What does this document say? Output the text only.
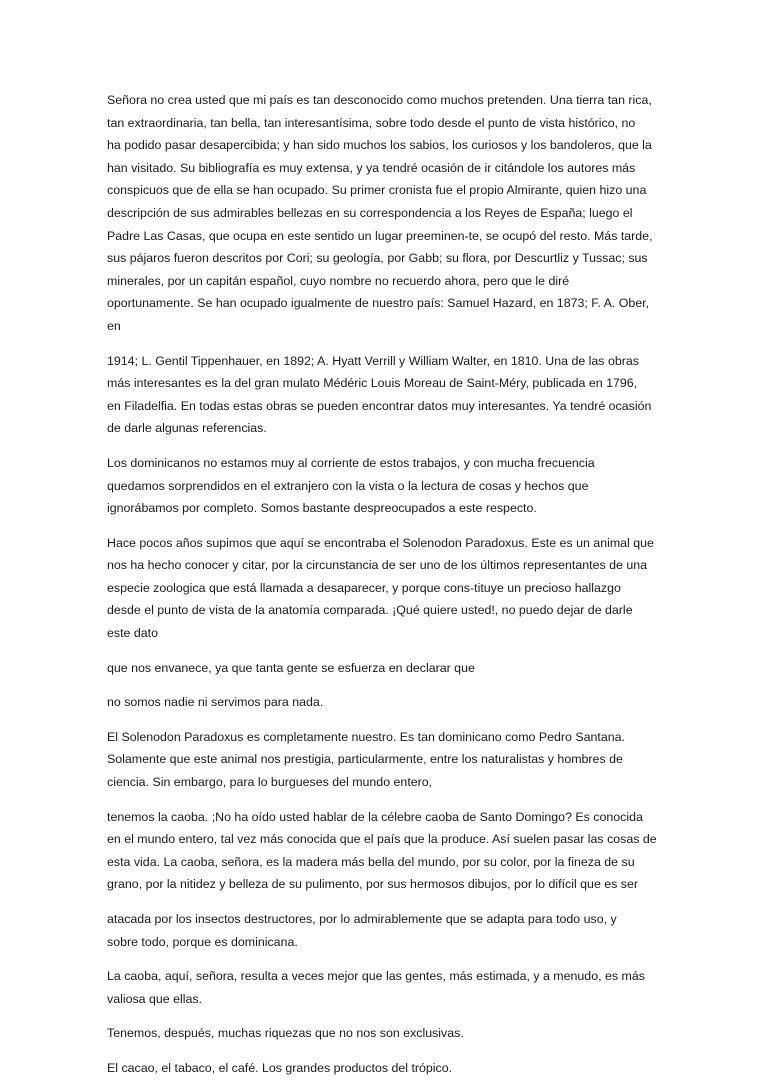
Señora no crea usted que mi país es tan desconocido como muchos pretenden. Una tierra tan rica,
tan extraordinaria, tan bella, tan interesantísima, sobre todo desde el punto de vista histórico, no
ha podido pasar desapercibida; y han sido muchos los sabios, los curiosos y los bandoleros, que la
han visitado. Su bibliografía es muy extensa, y ya tendré ocasión de ir citándole los autores más
conspicuos que de ella se han ocupado. Su primer cronista fue el propio Almirante, quien hizo una
descripción de sus admirables bellezas en su correspondencia a los Reyes de España; luego el
Padre Las Casas, que ocupa en este sentido un lugar preeminen-te, se ocupó del resto. Más tarde,
sus pájaros fueron descritos por Cori; su geología, por Gabb; su flora, por Descurtliz y Tussac; sus
minerales, por un capitán español, cuyo nombre no recuerdo ahora, pero que le diré
oportunamente. Se han ocupado igualmente de nuestro país: Samuel Hazard, en 1873; F. A. Ober,
en

1914; L. Gentil Tippenhauer, en 1892; A. Hyatt Verrill y William Walter, en 1810. Una de las obras
más interesantes es la del gran mulato Médéric Louis Moreau de Saint-Méry, publicada en 1796,
en Filadelfia. En todas estas obras se pueden encontrar datos muy interesantes. Ya tendré ocasión
de darle algunas referencias.

Los dominicanos no estamos muy al corriente de estos trabajos, y con mucha frecuencia
quedamos sorprendidos en el extranjero con la vista o la lectura de cosas y hechos que
ignorábamos por completo. Somos bastante despreocupados a este respecto.

Hace pocos años supimos que aquí se encontraba el Solenodon Paradoxus. Este es un animal que
nos ha hecho conocer y citar, por la circunstancia de ser uno de los últimos representantes de una
especie zoologica que está llamada a desaparecer, y porque cons-tituye un precioso hallazgo
desde el punto de vista de la anatomía comparada. ¡Qué quiere usted!, no puedo dejar de darle
este dato

que nos envanece, ya que tanta gente se esfuerza en declarar que

no somos nadie ni servimos para nada.

El Solenodon Paradoxus es completamente nuestro. Es tan dominicano como Pedro Santana.
Solamente que este animal nos prestigia, particularmente, entre los naturalistas y hombres de
ciencia. Sin embargo, para lo burgueses del mundo entero,

tenemos la caoba. ;No ha oído usted hablar de la célebre caoba de Santo Domingo? Es conocida
en el mundo entero, tal vez más conocida que el país que la produce. Así suelen pasar las cosas de
esta vida. La caoba, señora, es la madera más bella del mundo, por su color, por la fineza de su
grano, por la nitidez y belleza de su pulimento, por sus hermosos dibujos, por lo difícil que es ser

atacada por los insectos destructores, por lo admirablemente que se adapta para todo uso, y
sobre todo, porque es dominicana.

La caoba, aquí, señora, resulta a veces mejor que las gentes, más estimada, y a menudo, es más
valiosa que ellas.

Tenemos, después, muchas riquezas que no nos son exclusivas.

El cacao, el tabaco, el café. Los grandes productos del trópico.
